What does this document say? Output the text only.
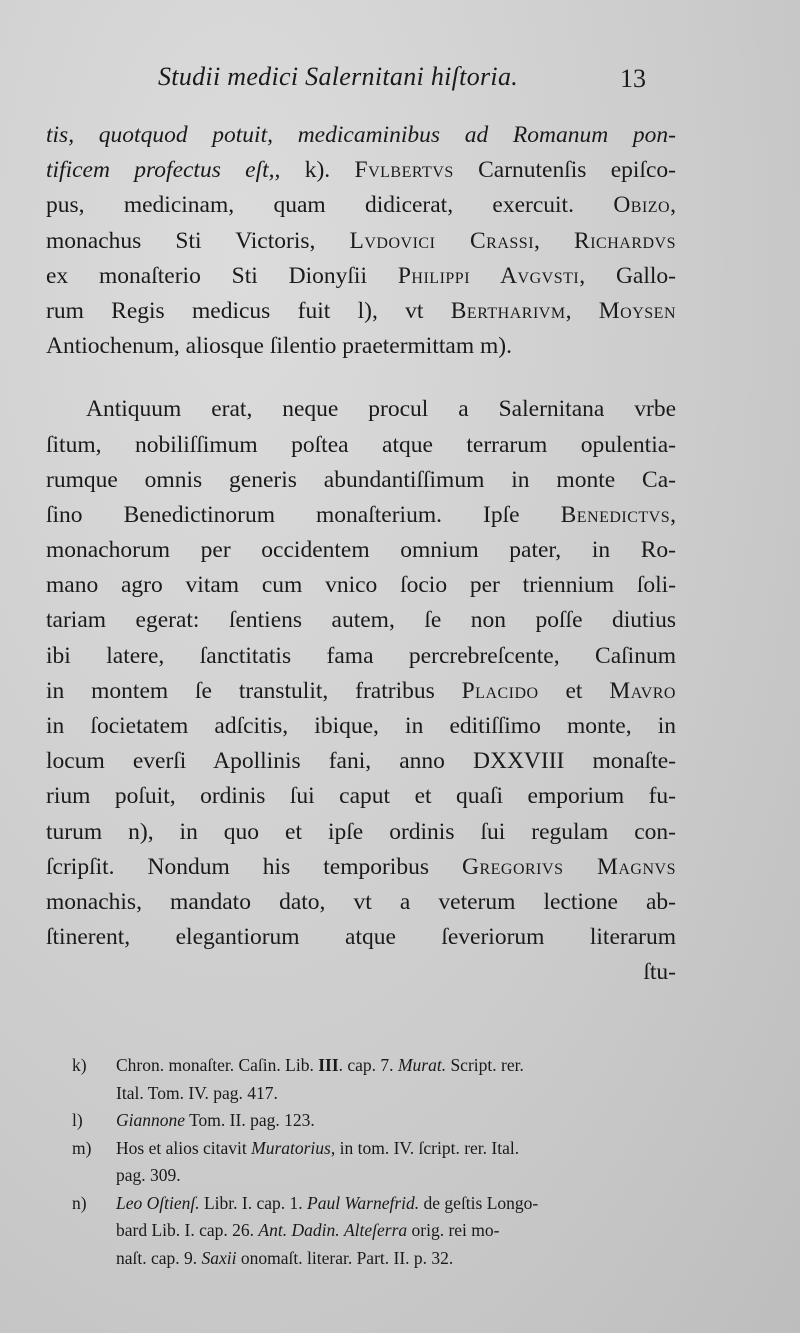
Studii medici Salernitani hiſtoria.	13
tis, quotquod potuit, medicaminibus ad Romanum pon-
tificem profectus eſt,, k). Fvlbertvs Carnutenſis epiſco-
pus, medicinam, quam didicerat, exercuit. Obizo,
monachus Sti Victoris, Lvdovici Crassi, Richardvs
ex monaſterio Sti Dionyſii Philippi Avgvsti, Gallo-
rum Regis medicus fuit l), vt Bertharivm, Moysen
Antiochenum, aliosque ſilentio praetermittam m).
Antiquum erat, neque procul a Salernitana vrbe
ſitum, nobiliſſimum poſtea atque terrarum opulentia-
rumque omnis generis abundantiſſimum in monte Ca-
ſino Benedictinorum monaſterium. Ipſe Benedictvs,
monachorum per occidentem omnium pater, in Ro-
mano agro vitam cum vnico ſocio per triennium ſoli-
tariam egerat: ſentiens autem, ſe non poſſe diutius
ibi latere, ſanctitatis fama percrebreſcente, Caſinum
in montem ſe transtulit, fratribus Placido et Mavro
in ſocietatem adſcitis, ibique, in editiſſimo monte, in
locum everſi Apollinis fani, anno DXXVIII monaſte-
rium poſuit, ordinis ſui caput et quaſi emporium fu-
turum n), in quo et ipſe ordinis ſui regulam con-
ſcripſit. Nondum his temporibus Gregorivs Magnvs
monachis, mandato dato, vt a veterum lectione ab-
ſtinerent, elegantiorum atque ſeveriorum literarum
ſtu-
k) Chron. monaſter. Caſin. Lib. III. cap. 7. Murat. Script. rer.
Ital. Tom. IV. pag. 417.
l) Giannone Tom. II. pag. 123.
m) Hos et alios citavit Muratorius, in tom. IV. ſcript. rer. Ital.
pag. 309.
n) Leo Oſtienſ. Libr. I. cap. 1. Paul Warnefrid. de geſtis Longo-
bard Lib. I. cap. 26. Ant. Dadin. Alteſerra orig. rei mo-
naſt. cap. 9. Saxii onomaſt. literar. Part. II. p. 32.
